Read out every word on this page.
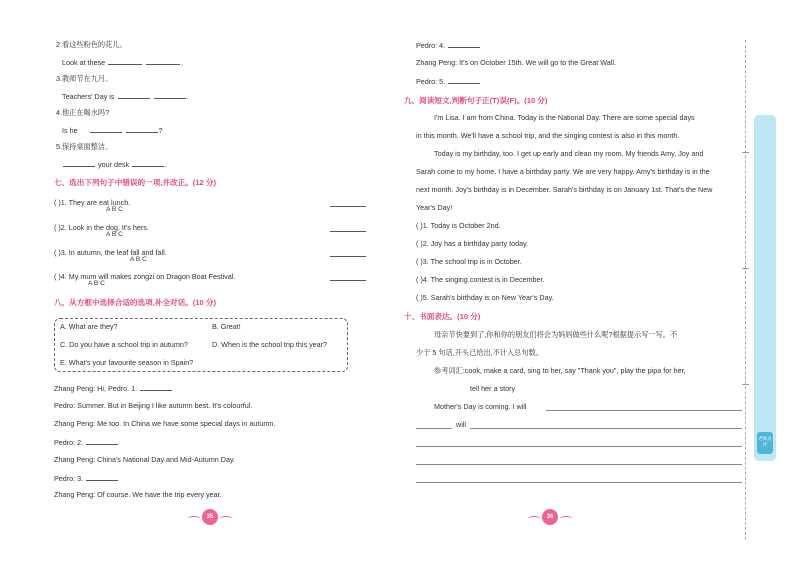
2.看这些粉色的花儿。
Look at these	.
3.教师节在九月。
Teachers' Day is	.
4.他正在喝水吗?
Is he	?
5.保持桌面整洁。
your desk	.
七、选出下列句子中错误的一项,并改正。(12 分)
( )1. They are eat lunch.
A B C
( )2. Look in the dog. It's hers.
A B C
( )3. In autumn, the leaf fall and fall.
A B C
( )4. My mum will makes zongzi on Dragon Boat Festival.
A B C
八、从方框中选择合适的选项,补全对话。(10 分)
A. What are they?	B. Great!
C. Do you have a school trip in autumn?	D. When is the school trip this year?
E. What's your favourite season in Spain?
Zhang Peng: Hi, Pedro. 1.
Pedro: Summer. But in Beijing I like autumn best. It's colourful.
Zhang Peng: Me too. In China we have some special days in autumn.
Pedro: 2.
Zhang Peng: China's National Day and Mid-Autumn Day.
Pedro: 3.
Zhang Peng: Of course. We have the trip every year.
35
Pedro: 4.
Zhang Peng: It's on October 15th. We will go to the Great Wall.
Pedro: 5.
九、阅读短文,判断句子正(T)误(F)。(10 分)
I'm Lisa. I am from China. Today is the National Day. There are some special days
in this month. We'll have a school trip, and the singing contest is also in this month.
Today is my birthday, too. I get up early and clean my room. My friends Amy, Joy and
Sarah come to my home. I have a birthday party. We are very happy. Amy's birthday is in the
next month. Joy's birthday is in December. Sarah's birthday is on January 1st. That's the New
Year's Day!
( )1. Today is October 2nd.
( )2. Joy has a birthday party today.
( )3. The school trip is in October.
( )4. The singing contest is in December.
( )5. Sarah's birthday is on New Year's Day.
十、书面表达。(10 分)
母亲节快要到了,你和你的朋友们将会为妈妈做些什么呢?根据提示写一写。不
少于 5 句话,开头已给出,不计入总句数。
参考词汇:cook, make a card, sing to her, say "Thank you", play the pipa for her,
tell her a story
Mother's Day is coming. I will
will
36
老师点评
